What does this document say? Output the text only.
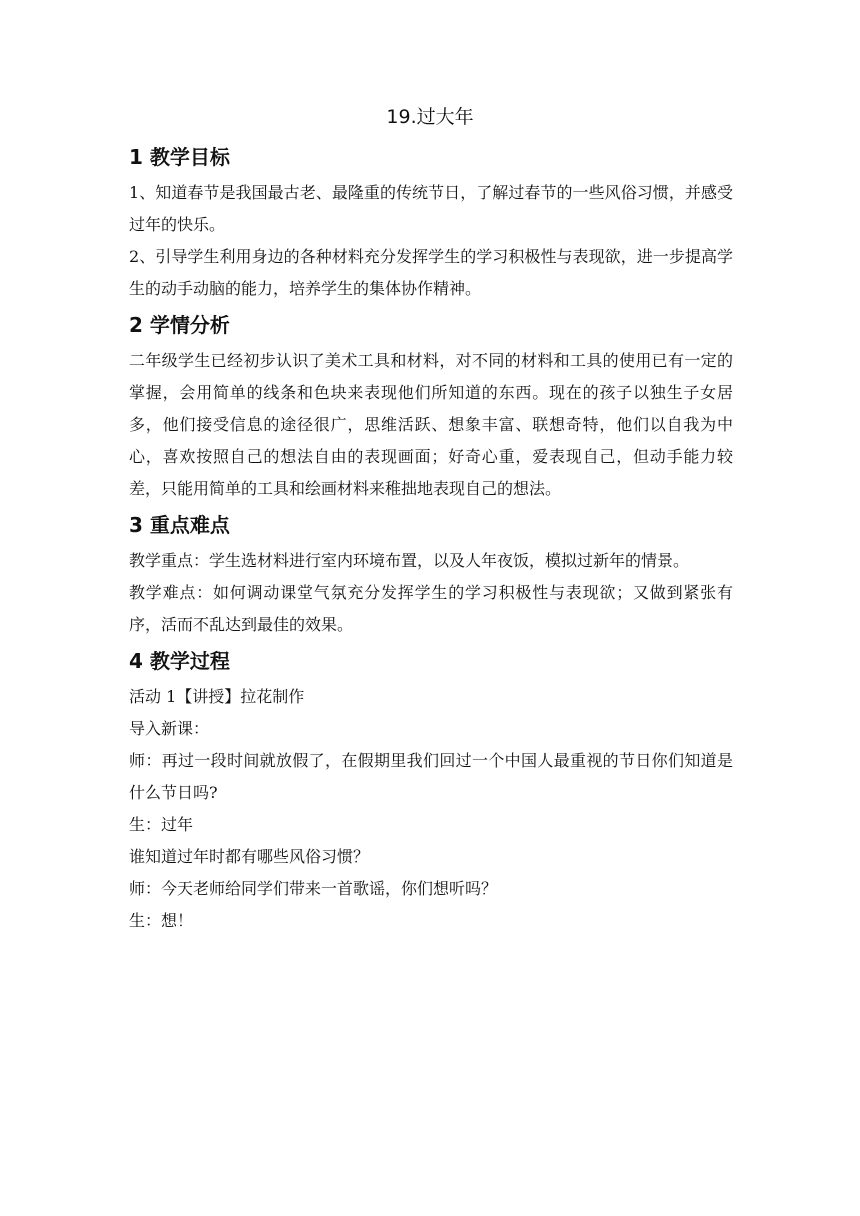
19.过大年
1 教学目标

1、知道春节是我国最古老、最隆重的传统节日，了解过春节的一些风俗习惯，并感受过年的快乐。

2、引导学生利用身边的各种材料充分发挥学生的学习积极性与表现欲，进一步提高学生的动手动脑的能力，培养学生的集体协作精神。

2 学情分析

二年级学生已经初步认识了美术工具和材料，对不同的材料和工具的使用已有一定的掌握，会用简单的线条和色块来表现他们所知道的东西。现在的孩子以独生子女居多，他们接受信息的途径很广，思维活跃、想象丰富、联想奇特，他们以自我为中心，喜欢按照自己的想法自由的表现画面；好奇心重，爱表现自己，但动手能力较差，只能用简单的工具和绘画材料来稚拙地表现自己的想法。

3 重点难点

教学重点：学生选材料进行室内环境布置，以及人年夜饭，模拟过新年的情景。

教学难点：如何调动课堂气氛充分发挥学生的学习积极性与表现欲；又做到紧张有序，活而不乱达到最佳的效果。

4 教学过程

活动 1【讲授】拉花制作

导入新课：

师：再过一段时间就放假了，在假期里我们回过一个中国人最重视的节日你们知道是什么节日吗?

生：过年

谁知道过年时都有哪些风俗习惯？

师：今天老师给同学们带来一首歌谣，你们想听吗？

生：想！
